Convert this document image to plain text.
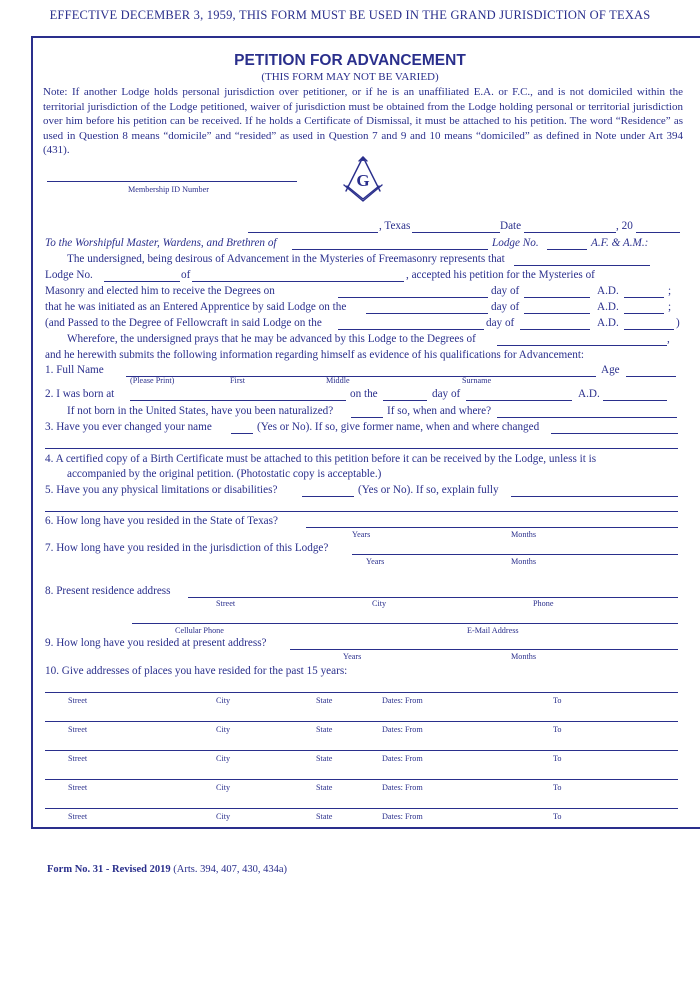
EFFECTIVE DECEMBER 3, 1959, THIS FORM MUST BE USED IN THE GRAND JURISDICTION OF TEXAS
PETITION FOR ADVANCEMENT
(THIS FORM MAY NOT BE VARIED)
Note: If another Lodge holds personal jurisdiction over petitioner, or if he is an unaffiliated E.A. or F.C., and is not domiciled within the territorial jurisdiction of the Lodge petitioned, waiver of jurisdiction must be obtained from the Lodge holding personal or territorial jurisdiction over him before his petition can be received. If he holds a Certificate of Dismissal, it must be attached to his petition. The word “Residence” as used in Question 8 means “domicile” and “resided” as used in Question 7 and 9 and 10 means “domiciled” as defined in Note under Art 394 (431).
Membership ID Number	G
, Texas	Date	, 20
To the Worshipful Master, Wardens, and Brethren of	Lodge No.	A.F. & A.M.:
The undersigned, being desirous of Advancement in the Mysteries of Freemasonry represents that
Lodge No.	of	, accepted his petition for the Mysteries of
Masonry and elected him to receive the Degrees on	day of	A.D.	;
that he was initiated as an Entered Apprentice by said Lodge on the	day of	A.D.	;
(and Passed to the Degree of Fellowcraft in said Lodge on the	day of	A.D.	)
Wherefore, the undersigned prays that he may be advanced by this Lodge to the Degrees of	,
and he herewith submits the following information regarding himself as evidence of his qualifications for Advancement:
1. Full Name	Age
(Please Print)	First	Middle	Surname
2. I was born at	on the	day of	A.D.
If not born in the United States, have you been naturalized?	If so, when and where?
3. Have you ever changed your name	(Yes or No). If so, give former name, when and where changed
4. A certified copy of a Birth Certificate must be attached to this petition before it can be received by the Lodge, unless it is
accompanied by the original petition. (Photostatic copy is acceptable.)
5. Have you any physical limitations or disabilities?	(Yes or No). If so, explain fully
6. How long have you resided in the State of Texas?
Years	Months
7. How long have you resided in the jurisdiction of this Lodge?
Years	Months
8. Present residence address
Street	City	Phone
Cellular Phone	E-Mail Address
9. How long have you resided at present address?
Years	Months
10. Give addresses of places you have resided for the past 15 years:
Street	City	State	Dates: From	To
Street	City	State	Dates: From	To
Street	City	State	Dates: From	To
Street	City	State	Dates: From	To
Street	City	State	Dates: From	To
Form No. 31 - Revised 2019 (Arts. 394, 407, 430, 434a)
